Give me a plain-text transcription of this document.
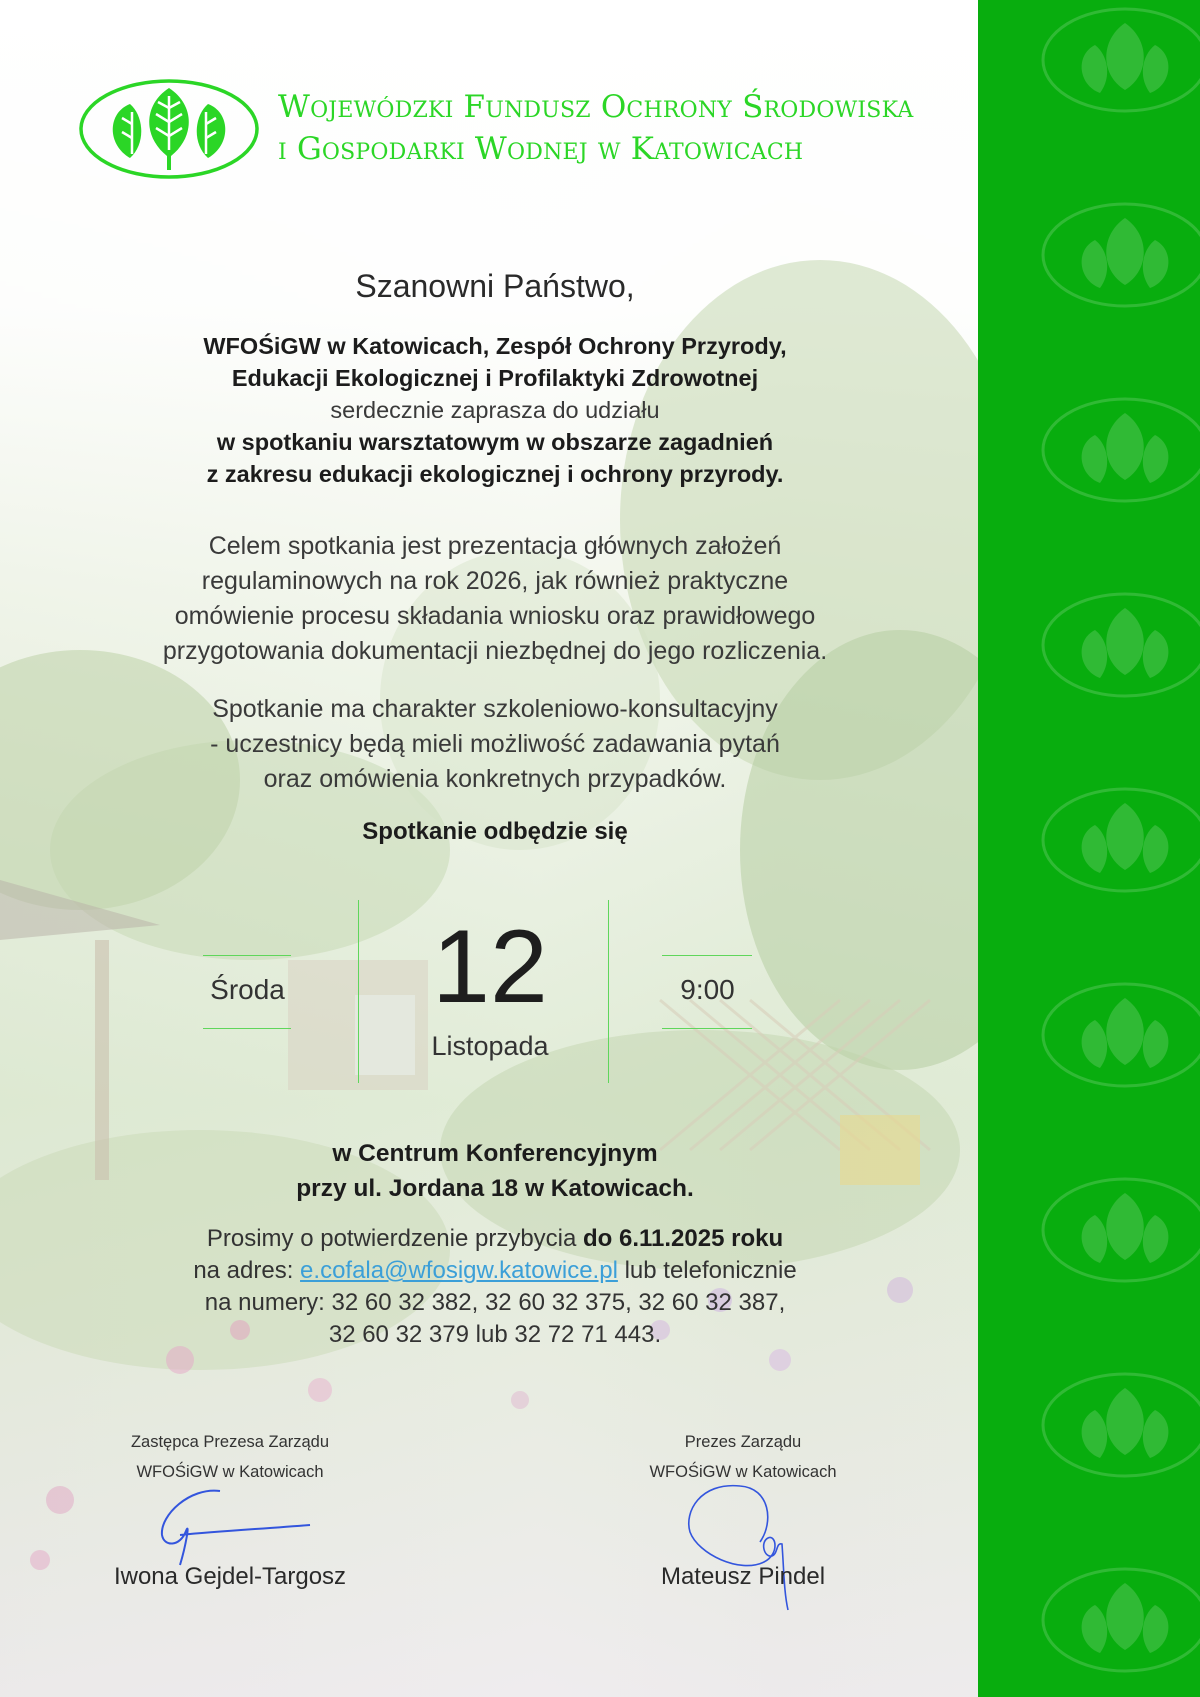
Wojewódzki Fundusz Ochrony Środowiska
i Gospodarki Wodnej w Katowicach
Szanowni Państwo,
WFOŚiGW w Katowicach, Zespół Ochrony Przyrody,
Edukacji Ekologicznej i Profilaktyki Zdrowotnej
serdecznie zaprasza do udziału
w spotkaniu warsztatowym w obszarze zagadnień
z zakresu edukacji ekologicznej i ochrony przyrody.
Celem spotkania jest prezentacja głównych założeń
regulaminowych na rok 2026, jak również praktyczne
omówienie procesu składania wniosku oraz prawidłowego
przygotowania dokumentacji niezbędnej do jego rozliczenia.
Spotkanie ma charakter szkoleniowo-konsultacyjny
- uczestnicy będą mieli możliwość zadawania pytań
oraz omówienia konkretnych przypadków.
Spotkanie odbędzie się
Środa	12
Listopada
9:00
w Centrum Konferencyjnym
przy ul. Jordana 18 w Katowicach.
Prosimy o potwierdzenie przybycia do 6.11.2025 roku
na adres: e.cofala@wfosigw.katowice.pl lub telefonicznie
na numery: 32 60 32 382, 32 60 32 375, 32 60 32 387,
32 60 32 379 lub 32 72 71 443.
Zastępca Prezesa Zarządu
WFOŚiGW w Katowicach
Iwona Gejdel-Targosz
Prezes Zarządu
WFOŚiGW w Katowicach
Mateusz Pindel
